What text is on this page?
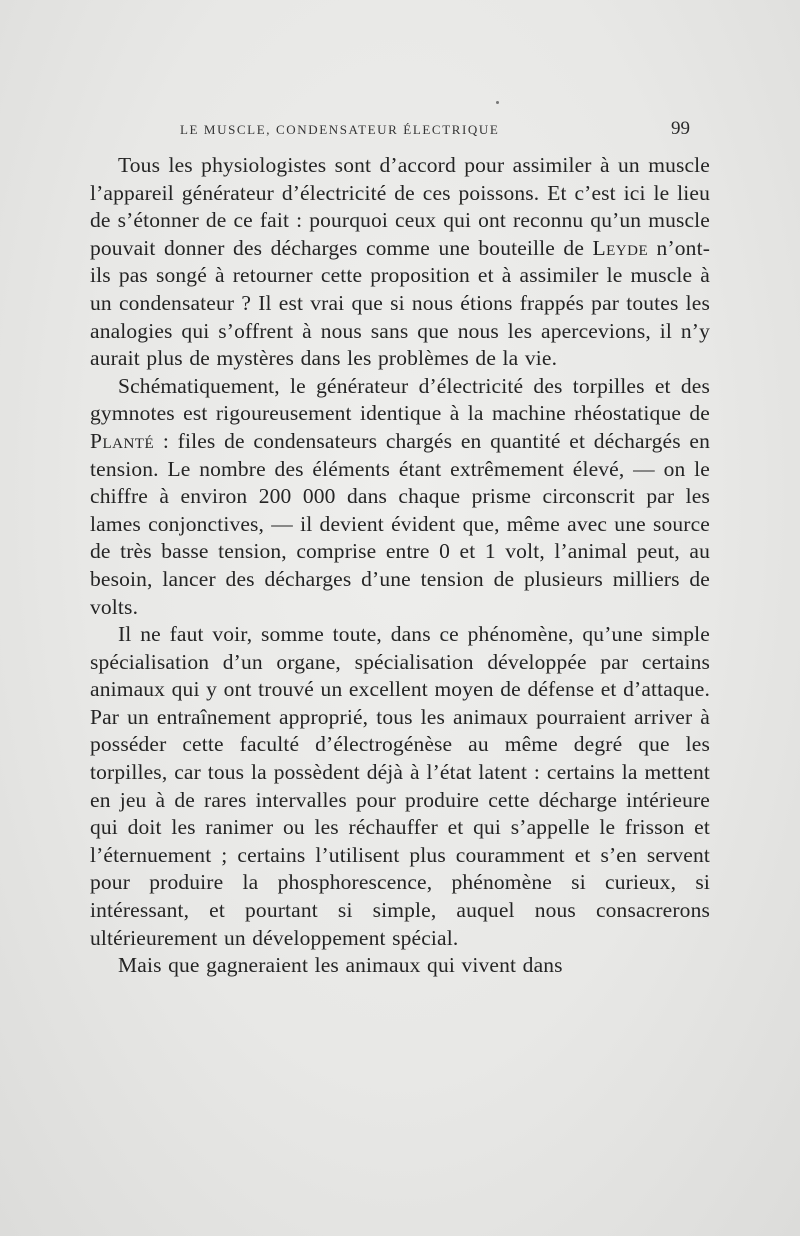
LE MUSCLE, CONDENSATEUR ÉLECTRIQUE	99

Tous les physiologistes sont d’accord pour assimiler à un muscle l’appareil générateur d’électricité de ces poissons. Et c’est ici le lieu de s’étonner de ce fait : pourquoi ceux qui ont reconnu qu’un muscle pouvait donner des décharges comme une bouteille de Leyde n’ont-ils pas songé à retourner cette proposition et à assimiler le muscle à un condensateur ? Il est vrai que si nous étions frappés par toutes les analogies qui s’offrent à nous sans que nous les apercevions, il n’y aurait plus de mystères dans les problèmes de la vie.

Schématiquement, le générateur d’électricité des torpilles et des gymnotes est rigoureusement identique à la machine rhéostatique de Planté : files de condensateurs chargés en quantité et déchargés en tension. Le nombre des éléments étant extrêmement élevé, — on le chiffre à environ 200 000 dans chaque prisme circonscrit par les lames conjonctives, — il devient évident que, même avec une source de très basse tension, comprise entre 0 et 1 volt, l’animal peut, au besoin, lancer des décharges d’une tension de plusieurs milliers de volts.

Il ne faut voir, somme toute, dans ce phénomène, qu’une simple spécialisation d’un organe, spécialisation développée par certains animaux qui y ont trouvé un excellent moyen de défense et d’attaque. Par un entraînement approprié, tous les animaux pourraient arriver à posséder cette faculté d’électrogénèse au même degré que les torpilles, car tous la possèdent déjà à l’état latent : certains la mettent en jeu à de rares intervalles pour produire cette décharge intérieure qui doit les ranimer ou les réchauffer et qui s’appelle le frisson et l’éternuement ; certains l’utilisent plus couramment et s’en servent pour produire la phosphorescence, phénomène si curieux, si intéressant, et pourtant si simple, auquel nous consacrerons ultérieurement un développement spécial.

Mais que gagneraient les animaux qui vivent dans
